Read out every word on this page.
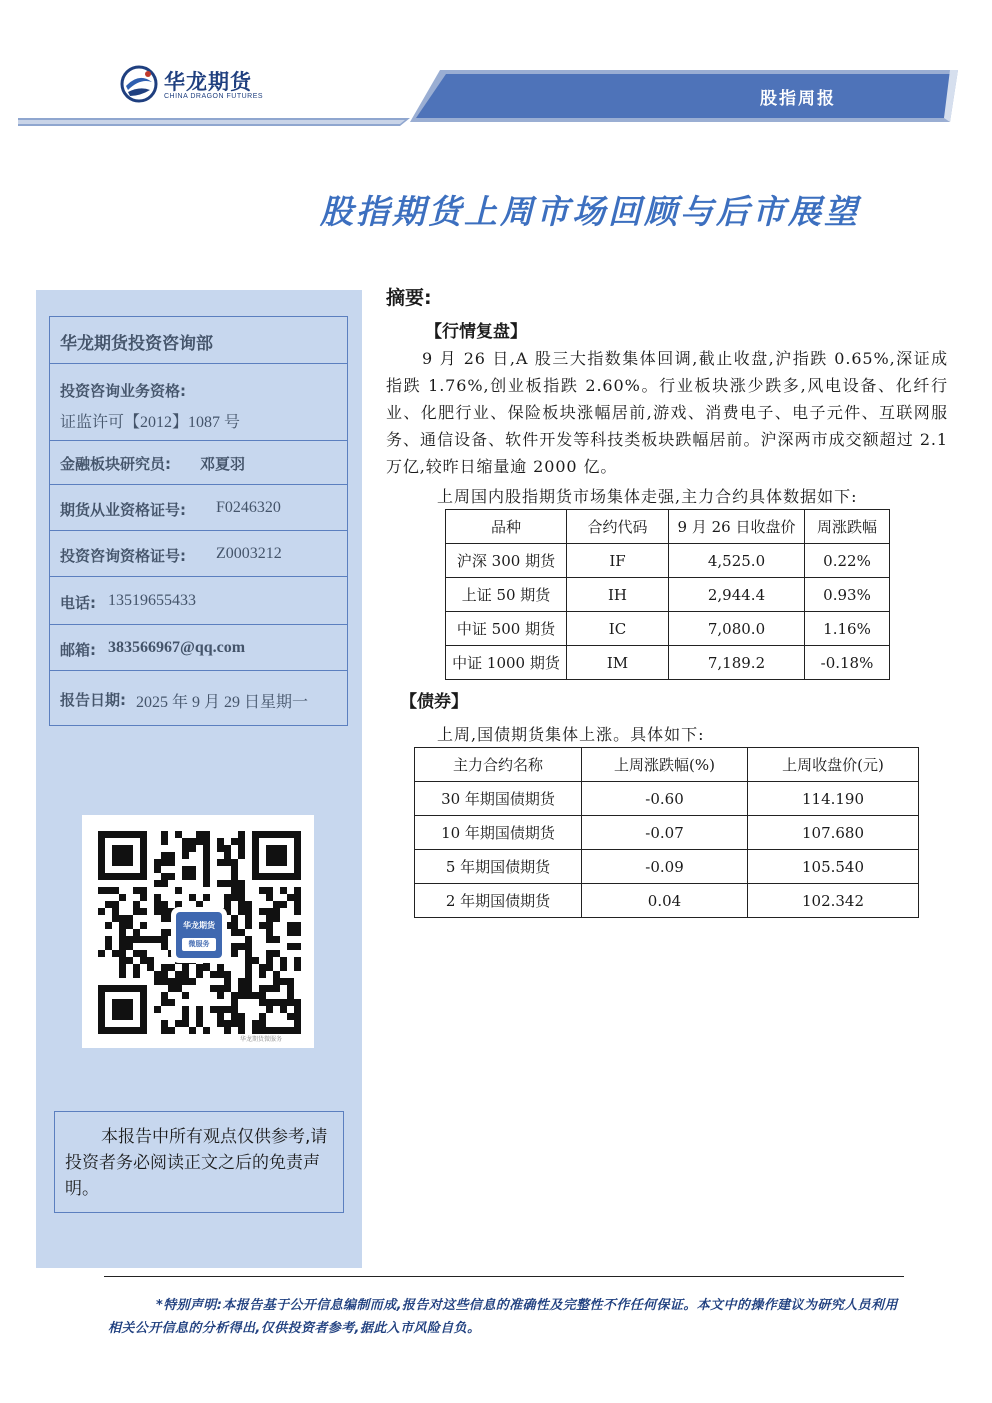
华龙期货
CHINA DRAGON FUTURES	股指周报
股指期货上周市场回顾与后市展望
华龙期货投资咨询部
投资咨询业务资格:
证监许可【2012】1087 号
金融板块研究员: 邓夏羽
期货从业资格证号: F0246320
投资咨询资格证号: Z0003212
电话: 13519655433
邮箱: 383566967@qq.com
报告日期: 2025 年 9 月 29 日星期一
华龙期货
微服务
华龙期货微服务
本报告中所有观点仅供参考,请投资者务必阅读正文之后的免责声明。
摘要:
【行情复盘】
9 月 26 日,A 股三大指数集体回调,截止收盘,沪指跌 0.65%,深证成指跌 1.76%,创业板指跌 2.60%。行业板块涨少跌多,风电设备、化纤行业、化肥行业、保险板块涨幅居前,游戏、消费电子、电子元件、互联网服务、通信设备、软件开发等科技类板块跌幅居前。沪深两市成交额超过 2.1 万亿,较昨日缩量逾 2000 亿。
上周国内股指期货市场集体走强,主力合约具体数据如下:
品种	合约代码	9 月 26 日收盘价	周涨跌幅
沪深 300 期货	IF	4,525.0	0.22%
上证 50 期货	IH	2,944.4	0.93%
中证 500 期货	IC	7,080.0	1.16%
中证 1000 期货	IM	7,189.2	-0.18%
【债券】
上周,国债期货集体上涨。具体如下:
主力合约名称	上周涨跌幅(%)	上周收盘价(元)
30 年期国债期货	-0.60	114.190
10 年期国债期货	-0.07	107.680
5 年期国债期货	-0.09	105.540
2 年期国债期货	0.04	102.342
*特别声明:本报告基于公开信息编制而成,报告对这些信息的准确性及完整性不作任何保证。本文中的操作建议为研究人员利用相关公开信息的分析得出,仅供投资者参考,据此入市风险自负。
